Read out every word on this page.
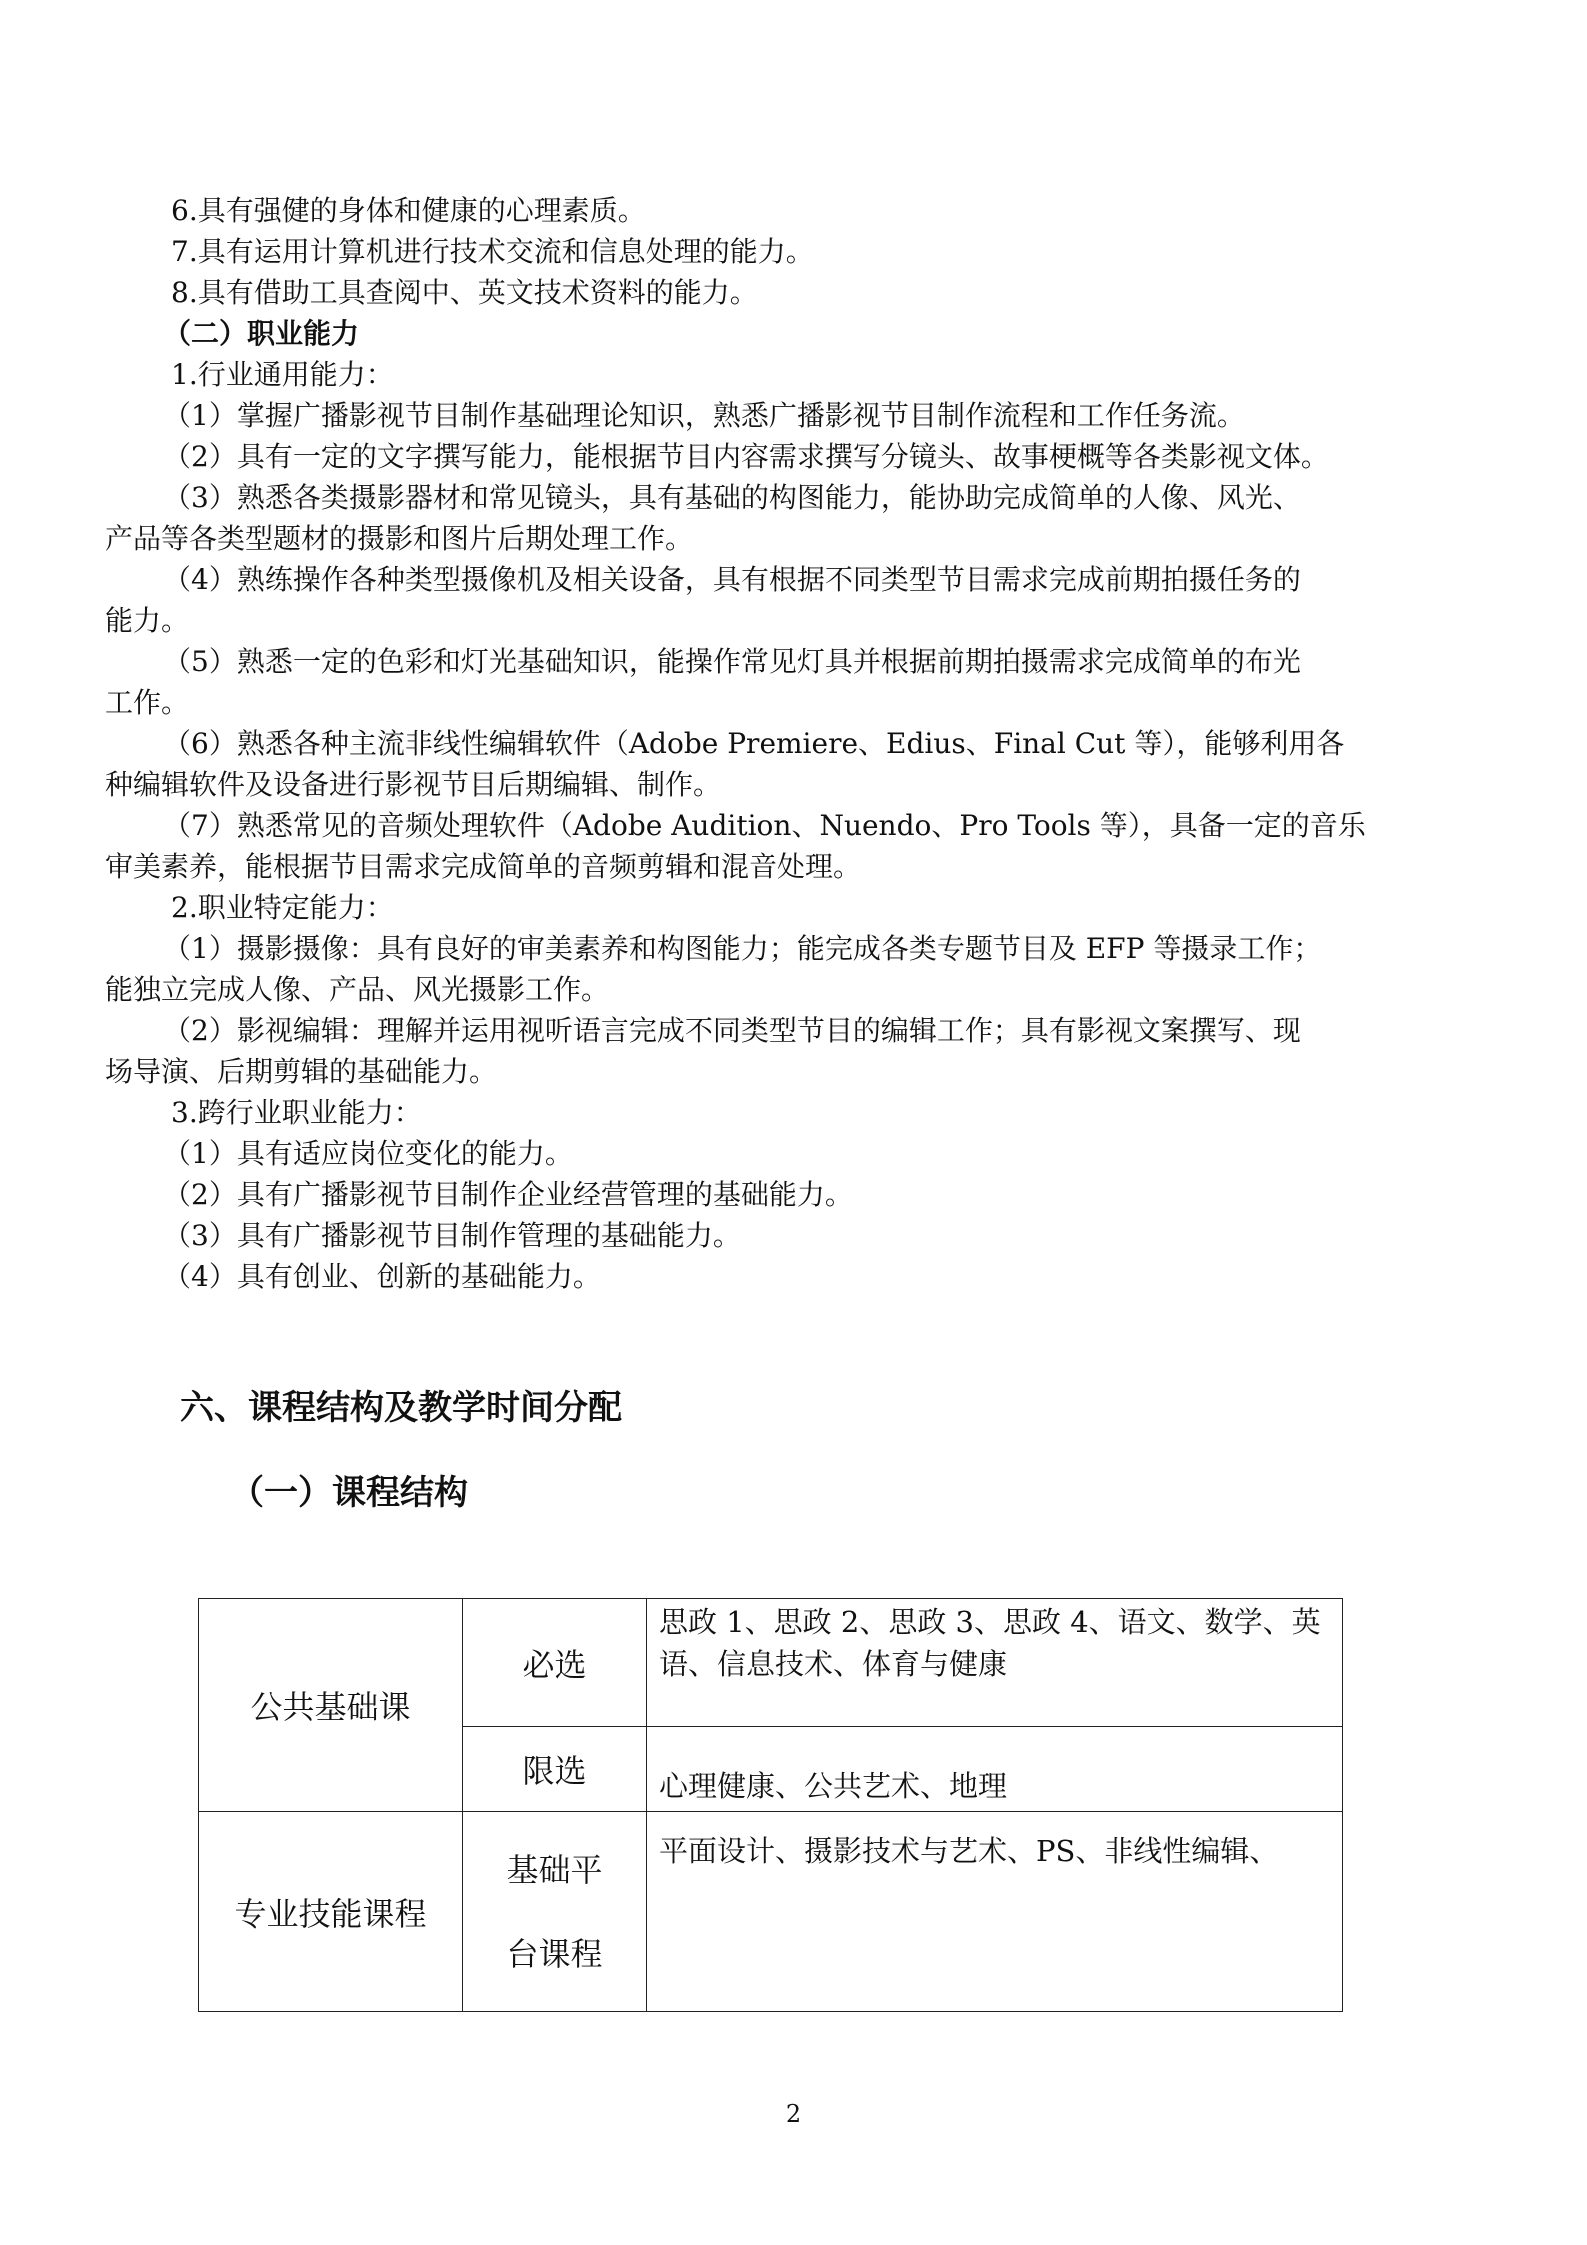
6.具有强健的身体和健康的心理素质。
7.具有运用计算机进行技术交流和信息处理的能力。
8.具有借助工具查阅中、英文技术资料的能力。
（二）职业能力
1.行业通用能力：
（1）掌握广播影视节目制作基础理论知识，熟悉广播影视节目制作流程和工作任务流。
（2）具有一定的文字撰写能力，能根据节目内容需求撰写分镜头、故事梗概等各类影视文体。
（3）熟悉各类摄影器材和常见镜头，具有基础的构图能力，能协助完成简单的人像、风光、
产品等各类型题材的摄影和图片后期处理工作。
（4）熟练操作各种类型摄像机及相关设备，具有根据不同类型节目需求完成前期拍摄任务的
能力。
（5）熟悉一定的色彩和灯光基础知识，能操作常见灯具并根据前期拍摄需求完成简单的布光
工作。
（6）熟悉各种主流非线性编辑软件（Adobe Premiere、Edius、Final Cut 等），能够利用各
种编辑软件及设备进行影视节目后期编辑、制作。
（7）熟悉常见的音频处理软件（Adobe Audition、Nuendo、Pro Tools 等），具备一定的音乐
审美素养，能根据节目需求完成简单的音频剪辑和混音处理。
2.职业特定能力：
（1）摄影摄像：具有良好的审美素养和构图能力；能完成各类专题节目及 EFP 等摄录工作；
能独立完成人像、产品、风光摄影工作。
（2）影视编辑：理解并运用视听语言完成不同类型节目的编辑工作；具有影视文案撰写、现
场导演、后期剪辑的基础能力。
3.跨行业职业能力：
（1）具有适应岗位变化的能力。
（2）具有广播影视节目制作企业经营管理的基础能力。
（3）具有广播影视节目制作管理的基础能力。
（4）具有创业、创新的基础能力。
六、课程结构及教学时间分配
（一）课程结构
公共基础课	必选	思政 1、思政 2、思政 3、思政 4、语文、数学、英语、信息技术、体育与健康
	限选	心理健康、公共艺术、地理
专业技能课程	基础平台课程	平面设计、摄影技术与艺术、PS、非线性编辑、
2
